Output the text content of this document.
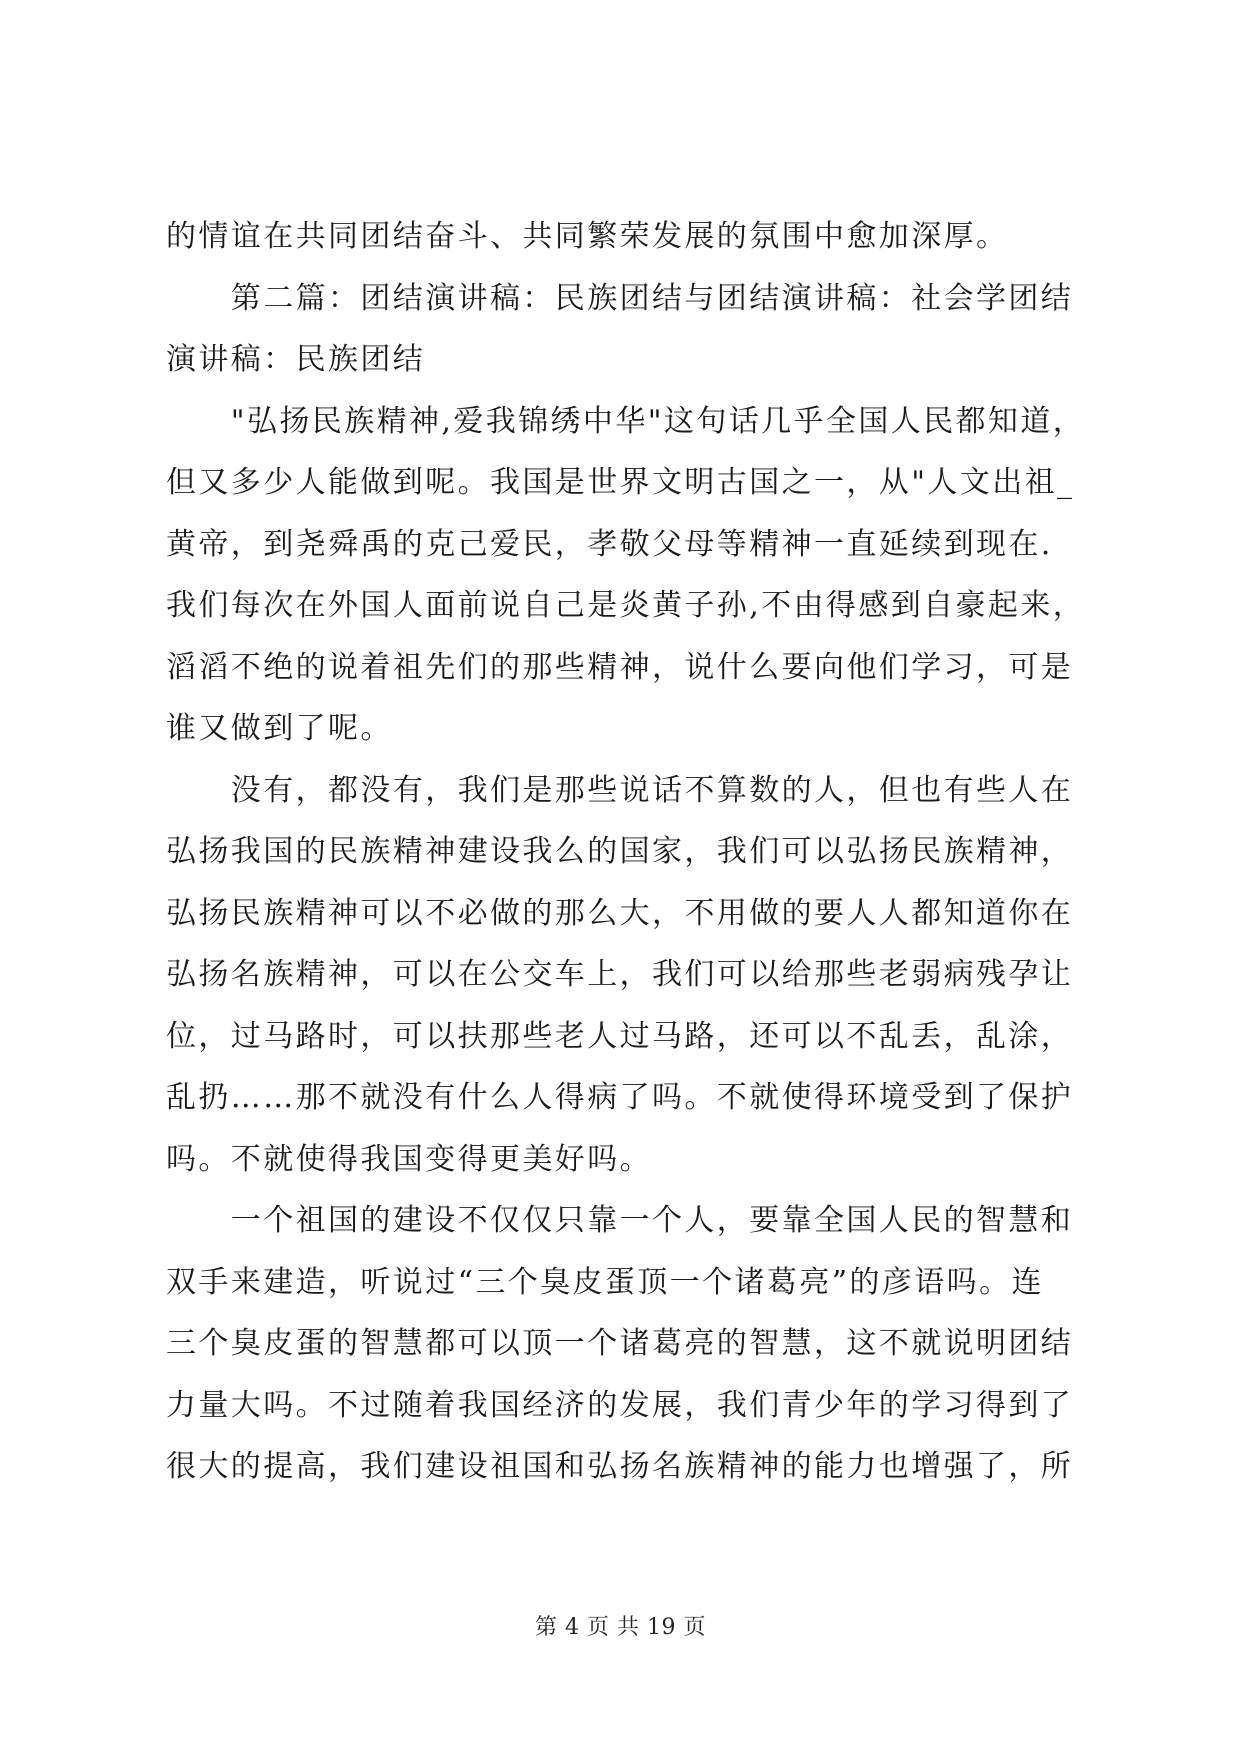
的情谊在共同团结奋斗、共同繁荣发展的氛围中愈加深厚。
　　第二篇：团结演讲稿：民族团结与团结演讲稿：社会学团结
演讲稿：民族团结
　　"弘扬民族精神,爱我锦绣中华"这句话几乎全国人民都知道，
但又多少人能做到呢。我国是世界文明古国之一，从"人文出祖_
黄帝，到尧舜禹的克己爱民，孝敬父母等精神一直延续到现在.
我们每次在外国人面前说自己是炎黄子孙,不由得感到自豪起来，
滔滔不绝的说着祖先们的那些精神，说什么要向他们学习，可是
谁又做到了呢。
　　没有，都没有，我们是那些说话不算数的人，但也有些人在
弘扬我国的民族精神建设我么的国家，我们可以弘扬民族精神，
弘扬民族精神可以不必做的那么大，不用做的要人人都知道你在
弘扬名族精神，可以在公交车上，我们可以给那些老弱病残孕让
位，过马路时，可以扶那些老人过马路，还可以不乱丢，乱涂，
乱扔……那不就没有什么人得病了吗。不就使得环境受到了保护
吗。不就使得我国变得更美好吗。
　　一个祖国的建设不仅仅只靠一个人，要靠全国人民的智慧和
双手来建造，听说过“三个臭皮蛋顶一个诸葛亮”的彦语吗。连
三个臭皮蛋的智慧都可以顶一个诸葛亮的智慧，这不就说明团结
力量大吗。不过随着我国经济的发展，我们青少年的学习得到了
很大的提高，我们建设祖国和弘扬名族精神的能力也增强了，所
第 4 页 共 19 页
